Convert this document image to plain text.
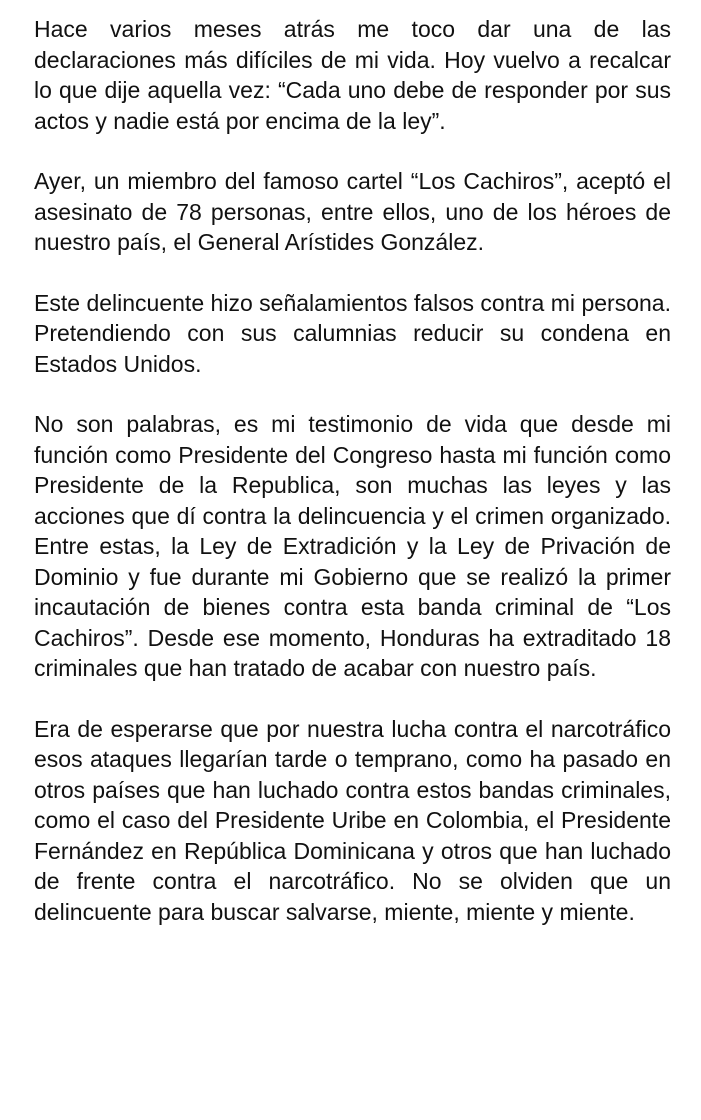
Hace varios meses atrás me toco dar una de las declaraciones más difíciles de mi vida. Hoy vuelvo a recalcar lo que dije aquella vez: “Cada uno debe de responder por sus actos y nadie está por encima de la ley”.

Ayer, un miembro del famoso cartel “Los Cachiros”, aceptó el asesinato de 78 personas, entre ellos, uno de los héroes de nuestro país, el General Arístides González.

Este delincuente hizo señalamientos falsos contra mi persona. Pretendiendo con sus calumnias reducir su condena en Estados Unidos.

No son palabras, es mi testimonio de vida que desde mi función como Presidente del Congreso hasta mi función como Presidente de la Republica, son muchas las leyes y las acciones que dí contra la delincuencia y el crimen organizado. Entre estas, la Ley de Extradición y la Ley de Privación de Dominio y fue durante mi Gobierno que se realizó la primer incautación de bienes contra esta banda criminal de “Los Cachiros”. Desde ese momento, Honduras ha extraditado 18 criminales que han tratado de acabar con nuestro país.

Era de esperarse que por nuestra lucha contra el narcotráfico esos ataques llegarían tarde o temprano, como ha pasado en otros países que han luchado contra estos bandas criminales, como el caso del Presidente Uribe en Colombia, el Presidente Fernández en República Dominicana y otros que han luchado de frente contra el narcotráfico. No se olviden que un delincuente para buscar salvarse, miente, miente y miente.
